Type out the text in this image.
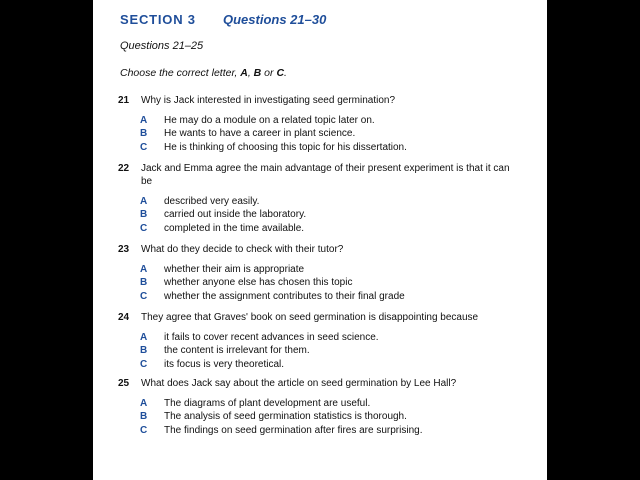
SECTION 3 Questions 21–30
Questions 21–25
Choose the correct letter, A, B or C.
21 Why is Jack interested in investigating seed germination?
A He may do a module on a related topic later on.
B He wants to have a career in plant science.
C He is thinking of choosing this topic for his dissertation.
22 Jack and Emma agree the main advantage of their present experiment is that it can be
A described very easily.
B carried out inside the laboratory.
C completed in the time available.
23 What do they decide to check with their tutor?
A whether their aim is appropriate
B whether anyone else has chosen this topic
C whether the assignment contributes to their final grade
24 They agree that Graves' book on seed germination is disappointing because
A it fails to cover recent advances in seed science.
B the content is irrelevant for them.
C its focus is very theoretical.
25 What does Jack say about the article on seed germination by Lee Hall?
A The diagrams of plant development are useful.
B The analysis of seed germination statistics is thorough.
C The findings on seed germination after fires are surprising.
